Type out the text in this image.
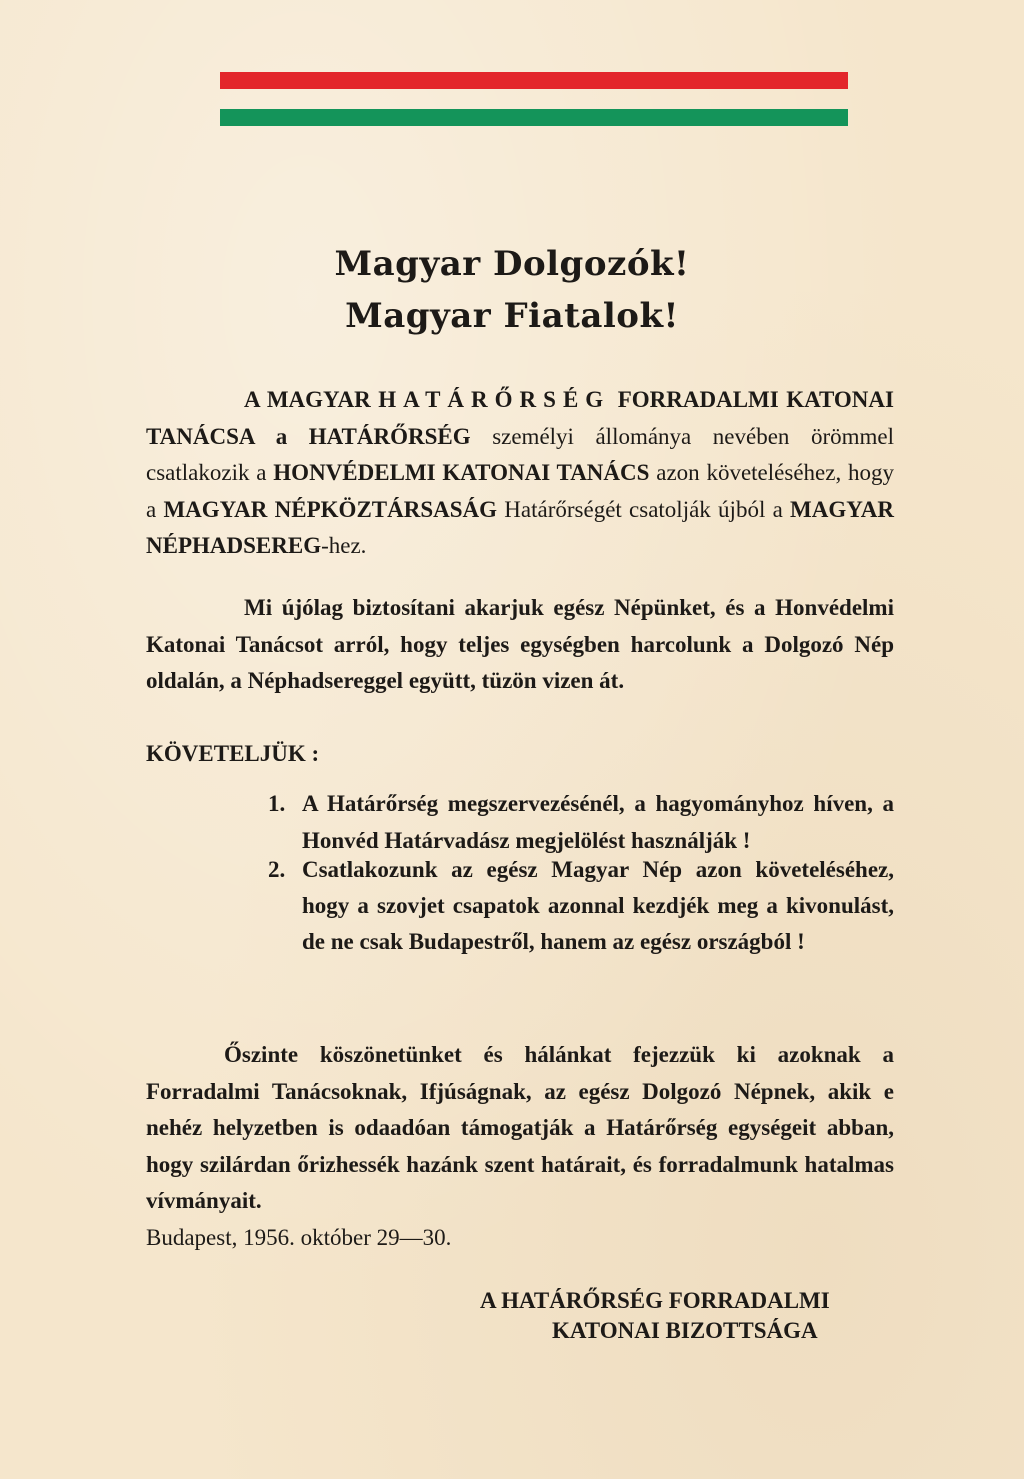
Magyar Dolgozók!
Magyar Fiatalok!
A MAGYAR HATÁRŐRSÉG FORRADALMI KATONAI TANÁCSA a HATÁRŐRSÉG személyi állománya nevében örömmel csatlakozik a HONVÉDELMI KATONAI TANÁCS azon követeléséhez, hogy a MAGYAR NÉPKÖZTÁRSASÁG Határőrségét csatolják újból a MAGYAR NÉPHADSEREG-hez.
Mi újólag biztosítani akarjuk egész Népünket, és a Honvédelmi Katonai Tanácsot arról, hogy teljes egységben harcolunk a Dolgozó Nép oldalán, a Néphadsereggel együtt, tüzön vizen át.
KÖVETELJÜK :
1. A Határőrség megszervezésénél, a hagyományhoz híven, a Honvéd Határvadász megjelölést használják !
2. Csatlakozunk az egész Magyar Nép azon követeléséhez, hogy a szovjet csapatok azonnal kezdjék meg a kivonulást, de ne csak Budapestről, hanem az egész országból !
Őszinte köszönetünket és hálánkat fejezzük ki azoknak a Forradalmi Tanácsoknak, Ifjúságnak, az egész Dolgozó Népnek, akik e nehéz helyzetben is odaadóan támogatják a Határőrség egységeit abban, hogy szilárdan őrizhessék hazánk szent határait, és forradalmunk hatalmas vívmányait.
Budapest, 1956. október 29—30.
A HATÁRŐRSÉG FORRADALMI
KATONAI BIZOTTSÁGA
